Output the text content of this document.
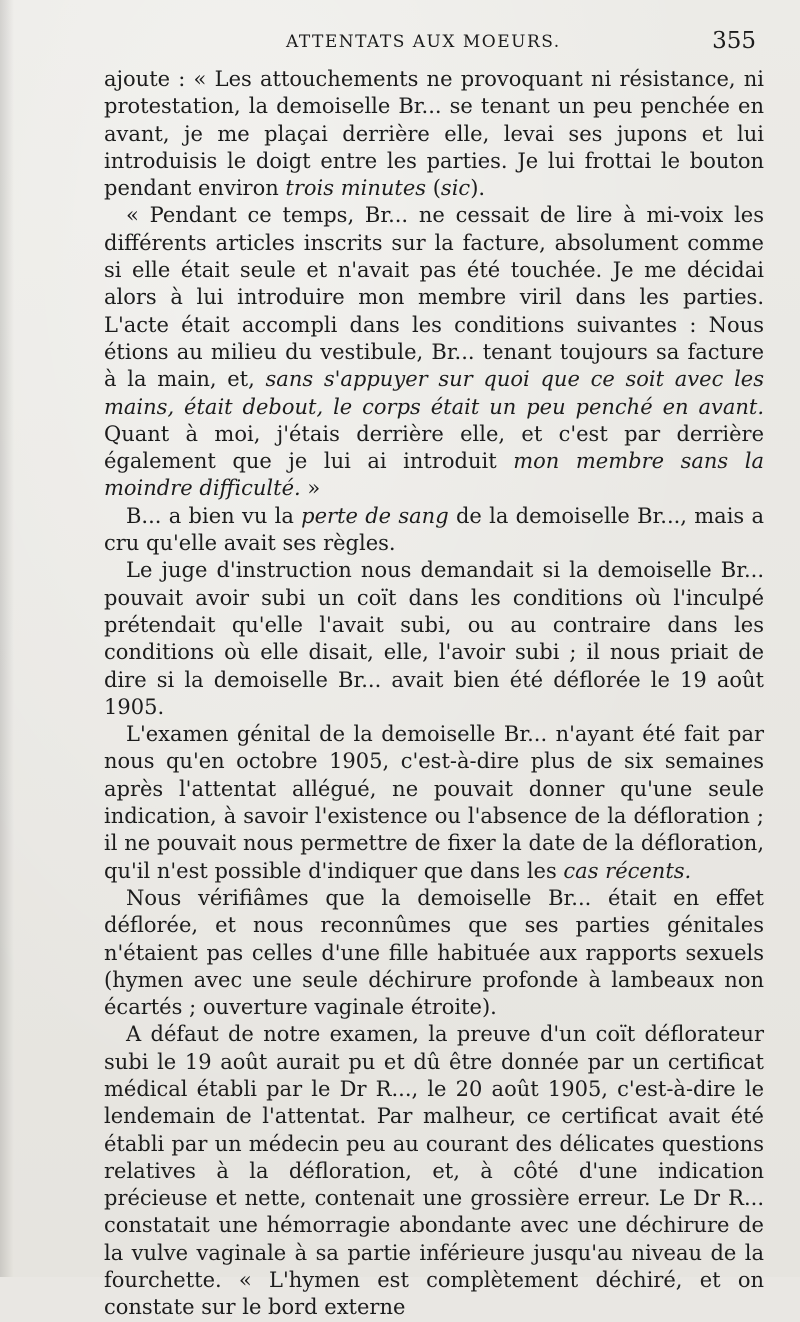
ATTENTATS AUX MOEURS.	355

ajoute : « Les attouchements ne provoquant ni résistance, ni protestation, la demoiselle Br... se tenant un peu penchée en avant, je me plaçai derrière elle, levai ses jupons et lui introduisis le doigt entre les parties. Je lui frottai le bouton pendant environ trois minutes (sic).

« Pendant ce temps, Br... ne cessait de lire à mi-voix les différents articles inscrits sur la facture, absolument comme si elle était seule et n'avait pas été touchée. Je me décidai alors à lui introduire mon membre viril dans les parties. L'acte était accompli dans les conditions suivantes : Nous étions au milieu du vestibule, Br... tenant toujours sa facture à la main, et, sans s'appuyer sur quoi que ce soit avec les mains, était debout, le corps était un peu penché en avant. Quant à moi, j'étais derrière elle, et c'est par derrière également que je lui ai introduit mon membre sans la moindre difficulté. »

B... a bien vu la perte de sang de la demoiselle Br..., mais a cru qu'elle avait ses règles.

Le juge d'instruction nous demandait si la demoiselle Br... pouvait avoir subi un coït dans les conditions où l'inculpé prétendait qu'elle l'avait subi, ou au contraire dans les conditions où elle disait, elle, l'avoir subi ; il nous priait de dire si la demoiselle Br... avait bien été déflorée le 19 août 1905.

L'examen génital de la demoiselle Br... n'ayant été fait par nous qu'en octobre 1905, c'est-à-dire plus de six semaines après l'attentat allégué, ne pouvait donner qu'une seule indication, à savoir l'existence ou l'absence de la défloration ; il ne pouvait nous permettre de fixer la date de la défloration, qu'il n'est possible d'indiquer que dans les cas récents.

Nous vérifiâmes que la demoiselle Br... était en effet déflorée, et nous reconnûmes que ses parties génitales n'étaient pas celles d'une fille habituée aux rapports sexuels (hymen avec une seule déchirure profonde à lambeaux non écartés ; ouverture vaginale étroite).

A défaut de notre examen, la preuve d'un coït déflorateur subi le 19 août aurait pu et dû être donnée par un certificat médical établi par le Dr R..., le 20 août 1905, c'est-à-dire le lendemain de l'attentat. Par malheur, ce certificat avait été établi par un médecin peu au courant des délicates questions relatives à la défloration, et, à côté d'une indication précieuse et nette, contenait une grossière erreur. Le Dr R... constatait une hémorragie abondante avec une déchirure de la vulve vaginale à sa partie inférieure jusqu'au niveau de la fourchette. « L'hymen est complètement déchiré, et on constate sur le bord externe
